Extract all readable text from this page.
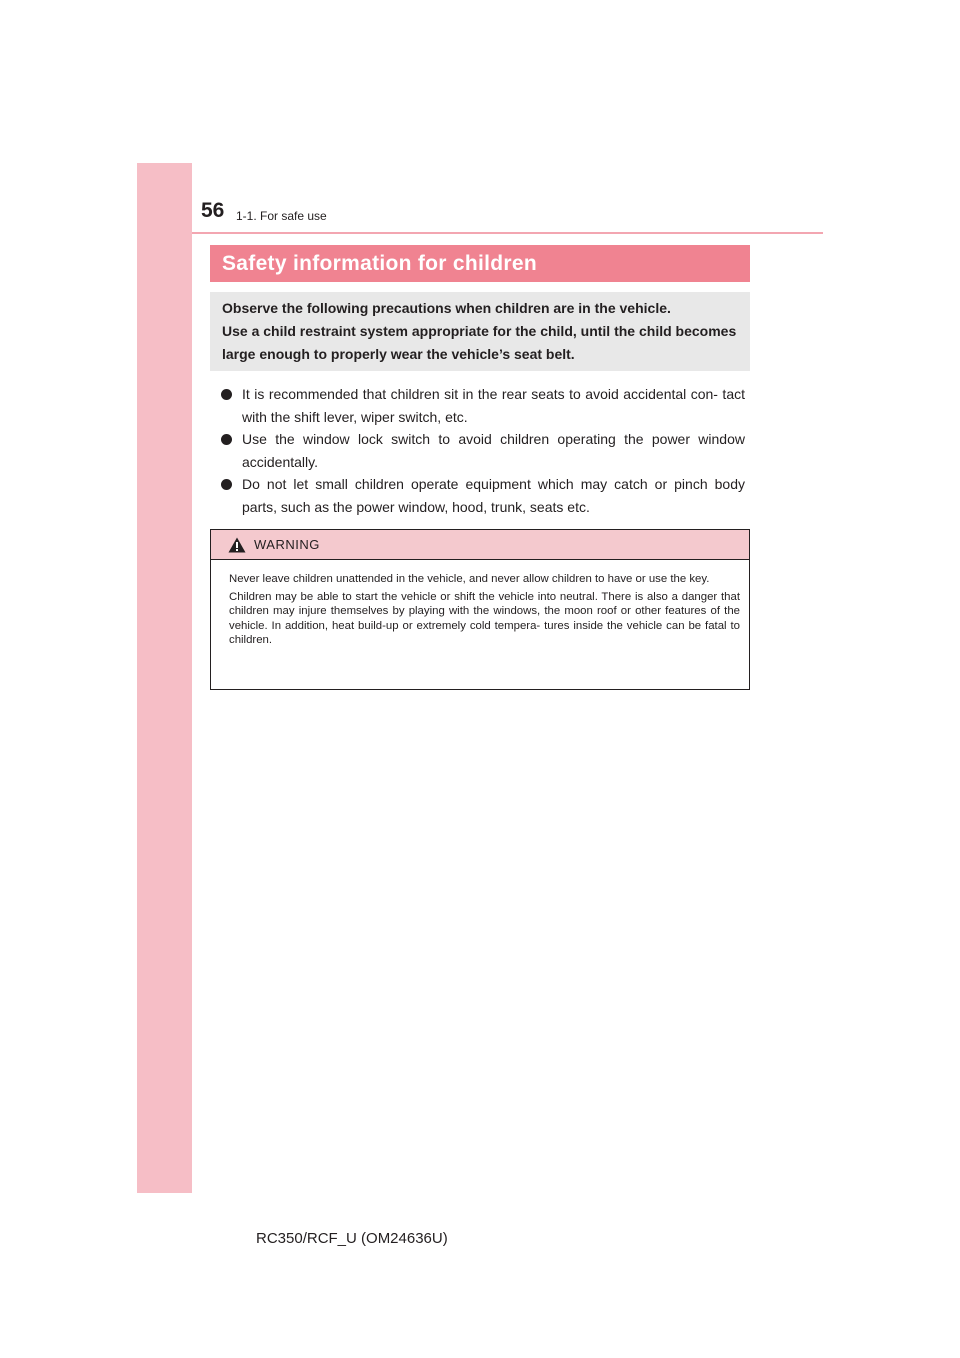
56 1-1. For safe use
Safety information for children

Observe the following precautions when children are in the vehicle.

Use a child restraint system appropriate for the child, until the child becomes large enough to properly wear the vehicle’s seat belt.

It is recommended that children sit in the rear seats to avoid accidental con- tact with the shift lever, wiper switch, etc.
Use the window lock switch to avoid children operating the power window accidentally.
Do not let small children operate equipment which may catch or pinch body parts, such as the power window, hood, trunk, seats etc.
WARNING

Never leave children unattended in the vehicle, and never allow children to have or use the key.

Children may be able to start the vehicle or shift the vehicle into neutral. There is also a danger that children may injure themselves by playing with the windows, the moon roof or other features of the vehicle. In addition, heat build-up or extremely cold tempera- tures inside the vehicle can be fatal to children.

RC350/RCF_U (OM24636U)
